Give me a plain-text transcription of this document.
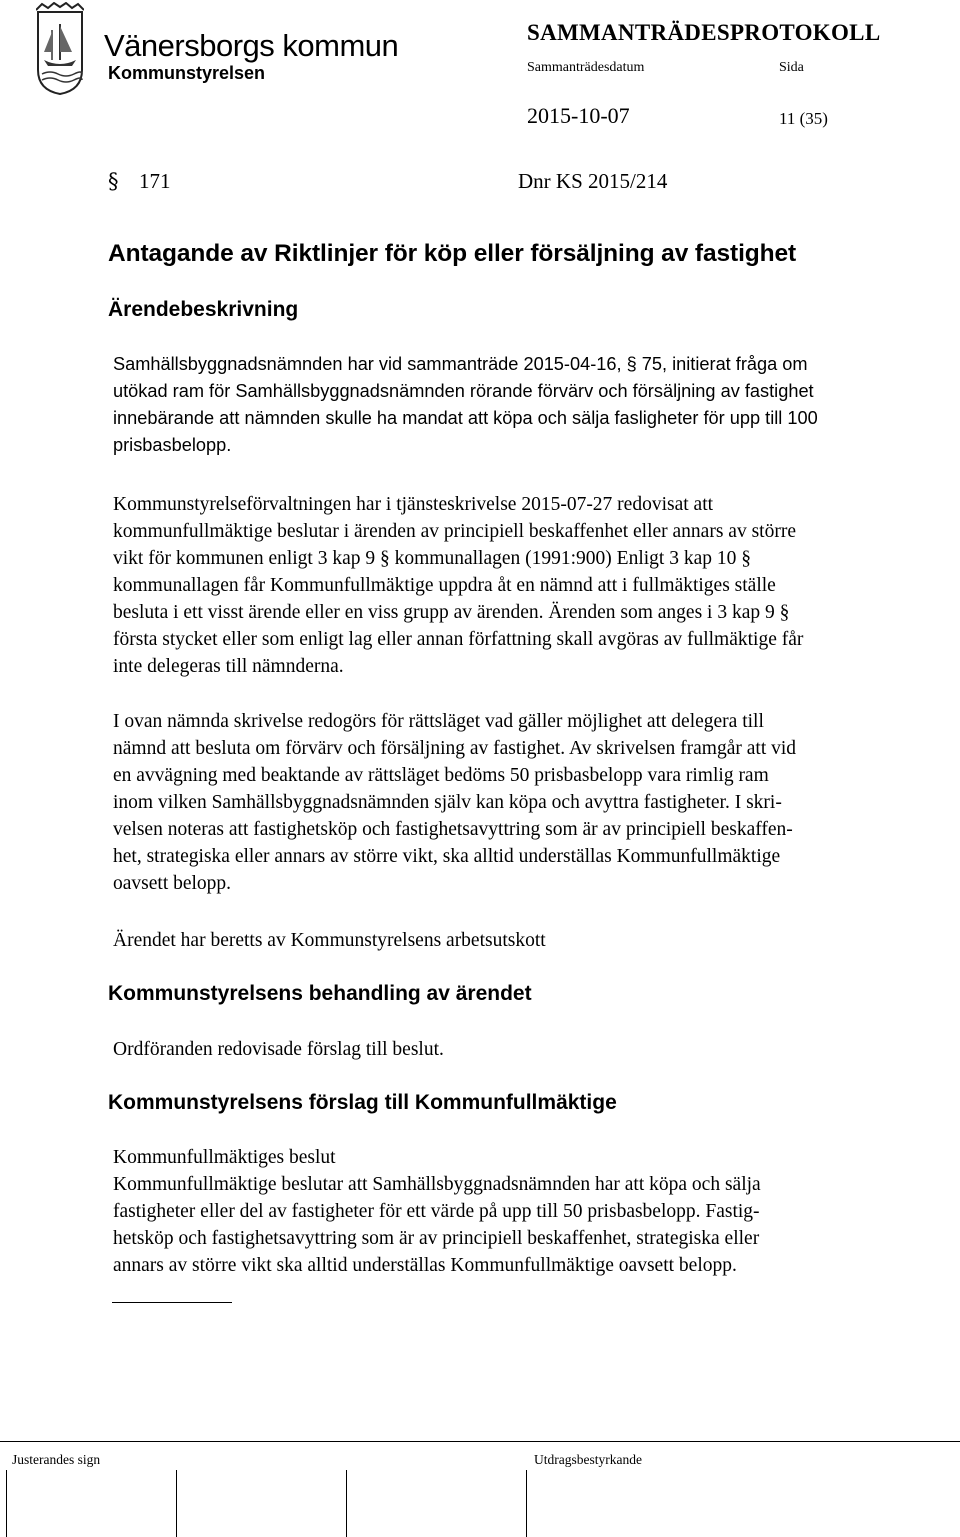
Vänersborgs kommun
Kommunstyrelsen
SAMMANTRÄDESPROTOKOLL
Sammanträdesdatum	Sida
2015-10-07	11 (35)
§ 171	Dnr KS 2015/214
Antagande av Riktlinjer för köp eller försäljning av fastighet
Ärendebeskrivning
Samhällsbyggnadsnämnden har vid sammanträde 2015-04-16, § 75, initierat fråga om
utökad ram för Samhällsbyggnadsnämnden rörande förvärv och försäljning av fastighet
innebärande att nämnden skulle ha mandat att köpa och sälja fasligheter för upp till 100
prisbasbelopp.
Kommunstyrelseförvaltningen har i tjänsteskrivelse 2015-07-27 redovisat att
kommunfullmäktige beslutar i ärenden av principiell beskaffenhet eller annars av större
vikt för kommunen enligt 3 kap 9 § kommunallagen (1991:900) Enligt 3 kap 10 §
kommunallagen får Kommunfullmäktige uppdra åt en nämnd att i fullmäktiges ställe
besluta i ett visst ärende eller en viss grupp av ärenden. Ärenden som anges i 3 kap 9 §
första stycket eller som enligt lag eller annan författning skall avgöras av fullmäktige får
inte delegeras till nämnderna.
I ovan nämnda skrivelse redogörs för rättsläget vad gäller möjlighet att delegera till
nämnd att besluta om förvärv och försäljning av fastighet. Av skrivelsen framgår att vid
en avvägning med beaktande av rättsläget bedöms 50 prisbasbelopp vara rimlig ram
inom vilken Samhällsbyggnadsnämnden själv kan köpa och avyttra fastigheter. I skri-
velsen noteras att fastighetsköp och fastighetsavyttring som är av principiell beskaffen-
het, strategiska eller annars av större vikt, ska alltid underställas Kommunfullmäktige
oavsett belopp.
Ärendet har beretts av Kommunstyrelsens arbetsutskott
Kommunstyrelsens behandling av ärendet
Ordföranden redovisade förslag till beslut.
Kommunstyrelsens förslag till Kommunfullmäktige
Kommunfullmäktiges beslut
Kommunfullmäktige beslutar att Samhällsbyggnadsnämnden har att köpa och sälja
fastigheter eller del av fastigheter för ett värde på upp till 50 prisbasbelopp. Fastig-
hetsköp och fastighetsavyttring som är av principiell beskaffenhet, strategiska eller
annars av större vikt ska alltid underställas Kommunfullmäktige oavsett belopp.
Justerandes sign	Utdragsbestyrkande
